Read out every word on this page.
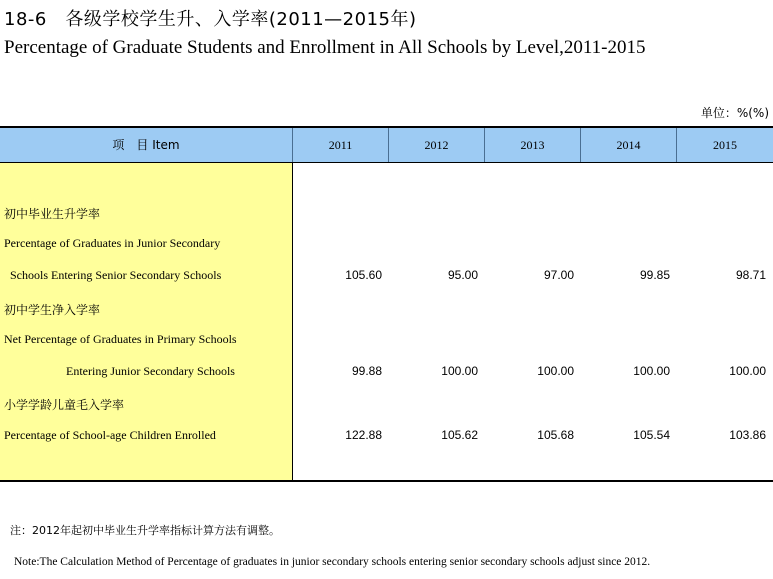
18-6　各级学校学生升、入学率(2011—2015年)
Percentage of Graduate Students and Enrollment in All Schools by Level,2011-2015
单位：%(%)
项　目 Item	2011	2012	2013	2014	2015
初中毕业生升学率
Percentage of Graduates in Junior Secondary
Schools Entering Senior Secondary Schools	105.60	95.00	97.00	99.85	98.71
初中学生净入学率
Net Percentage of Graduates in Primary Schools
Entering Junior Secondary Schools	99.88	100.00	100.00	100.00	100.00
小学学龄儿童毛入学率
Percentage of School-age Children Enrolled	122.88	105.62	105.68	105.54	103.86
注：2012年起初中毕业生升学率指标计算方法有调整。
Note:The Calculation Method of Percentage of graduates in junior secondary schools entering senior secondary schools adjust since 2012.
